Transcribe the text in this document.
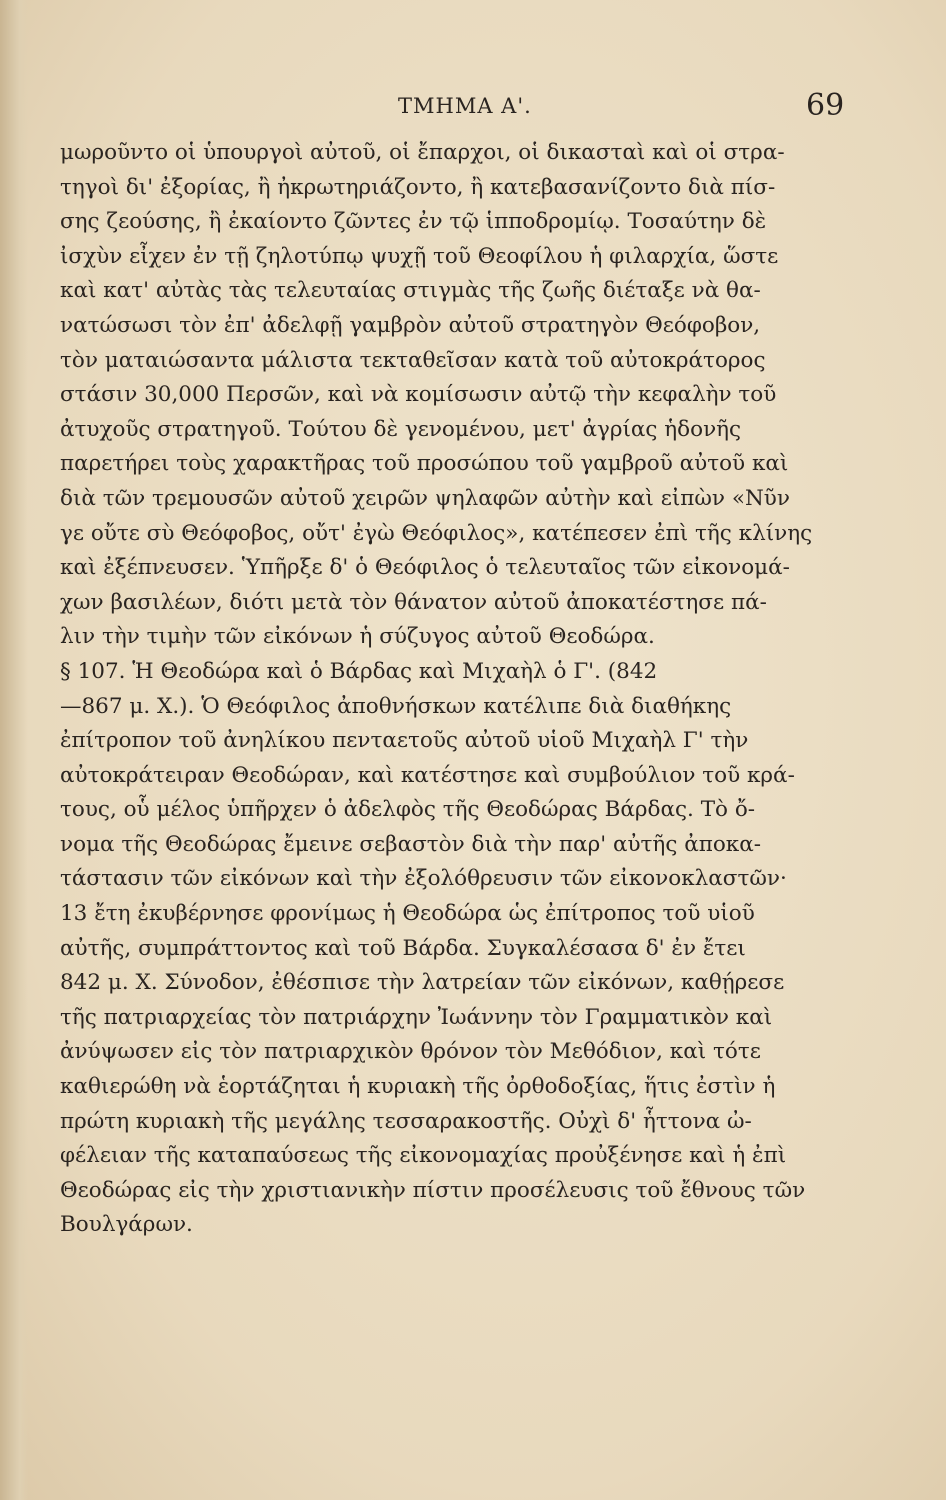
ΤΜΗΜΑ Α'.	69
μωροῦντο οἱ ὑπουργοὶ αὐτοῦ, οἱ ἔπαρχοι, οἱ δικασταὶ καὶ οἱ στρα-
τηγοὶ δι' ἐξορίας, ἢ ἠκρωτηριάζοντο, ἢ κατεβασανίζοντο διὰ πίσ-
σης ζεούσης, ἢ ἐκαίοντο ζῶντες ἐν τῷ ἱπποδρομίῳ. Τοσαύτην δὲ
ἰσχὺν εἶχεν ἐν τῇ ζηλοτύπῳ ψυχῇ τοῦ Θεοφίλου ἡ φιλαρχία, ὥστε
καὶ κατ' αὐτὰς τὰς τελευταίας στιγμὰς τῆς ζωῆς διέταξε νὰ θα-
νατώσωσι τὸν ἐπ' ἀδελφῇ γαμβρὸν αὐτοῦ στρατηγὸν Θεόφοβον,
τὸν ματαιώσαντα μάλιστα τεκταθεῖσαν κατὰ τοῦ αὐτοκράτορος
στάσιν 30,000 Περσῶν, καὶ νὰ κομίσωσιν αὐτῷ τὴν κεφαλὴν τοῦ
ἀτυχοῦς στρατηγοῦ. Τούτου δὲ γενομένου, μετ' ἀγρίας ἡδονῆς
παρετήρει τοὺς χαρακτῆρας τοῦ προσώπου τοῦ γαμβροῦ αὐτοῦ καὶ
διὰ τῶν τρεμουσῶν αὐτοῦ χειρῶν ψηλαφῶν αὐτὴν καὶ εἰπὼν «Νῦν
γε οὔτε σὺ Θεόφοβος, οὔτ' ἐγὼ Θεόφιλος», κατέπεσεν ἐπὶ τῆς κλίνης
καὶ ἐξέπνευσεν. Ὑπῆρξε δ' ὁ Θεόφιλος ὁ τελευταῖος τῶν εἰκονομά-
χων βασιλέων, διότι μετὰ τὸν θάνατον αὐτοῦ ἀποκατέστησε πά-
λιν τὴν τιμὴν τῶν εἰκόνων ἡ σύζυγος αὐτοῦ Θεοδώρα.
§ 107. Ἡ Θεοδώρα καὶ ὁ Βάρδας καὶ Μιχαὴλ ὁ Γ'. (842
—867 μ. Χ.). Ὁ Θεόφιλος ἀποθνήσκων κατέλιπε διὰ διαθήκης
ἐπίτροπον τοῦ ἀνηλίκου πενταετοῦς αὐτοῦ υἱοῦ Μιχαὴλ Γ' τὴν
αὐτοκράτειραν Θεοδώραν, καὶ κατέστησε καὶ συμβούλιον τοῦ κρά-
τους, οὗ μέλος ὑπῆρχεν ὁ ἀδελφὸς τῆς Θεοδώρας Βάρδας. Τὸ ὄ-
νομα τῆς Θεοδώρας ἔμεινε σεβαστὸν διὰ τὴν παρ' αὐτῆς ἀποκα-
τάστασιν τῶν εἰκόνων καὶ τὴν ἐξολόθρευσιν τῶν εἰκονοκλαστῶν·
13 ἔτη ἐκυβέρνησε φρονίμως ἡ Θεοδώρα ὡς ἐπίτροπος τοῦ υἱοῦ
αὐτῆς, συμπράττοντος καὶ τοῦ Βάρδα. Συγκαλέσασα δ' ἐν ἔτει
842 μ. Χ. Σύνοδον, ἐθέσπισε τὴν λατρείαν τῶν εἰκόνων, καθῄρεσε
τῆς πατριαρχείας τὸν πατριάρχην Ἰωάννην τὸν Γραμματικὸν καὶ
ἀνύψωσεν εἰς τὸν πατριαρχικὸν θρόνον τὸν Μεθόδιον, καὶ τότε
καθιερώθη νὰ ἑορτάζηται ἡ κυριακὴ τῆς ὀρθοδοξίας, ἥτις ἐστὶν ἡ
πρώτη κυριακὴ τῆς μεγάλης τεσσαρακοστῆς. Οὐχὶ δ' ἧττονα ὠ-
φέλειαν τῆς καταπαύσεως τῆς εἰκονομαχίας προὐξένησε καὶ ἡ ἐπὶ
Θεοδώρας εἰς τὴν χριστιανικὴν πίστιν προσέλευσις τοῦ ἔθνους τῶν
Βουλγάρων.
